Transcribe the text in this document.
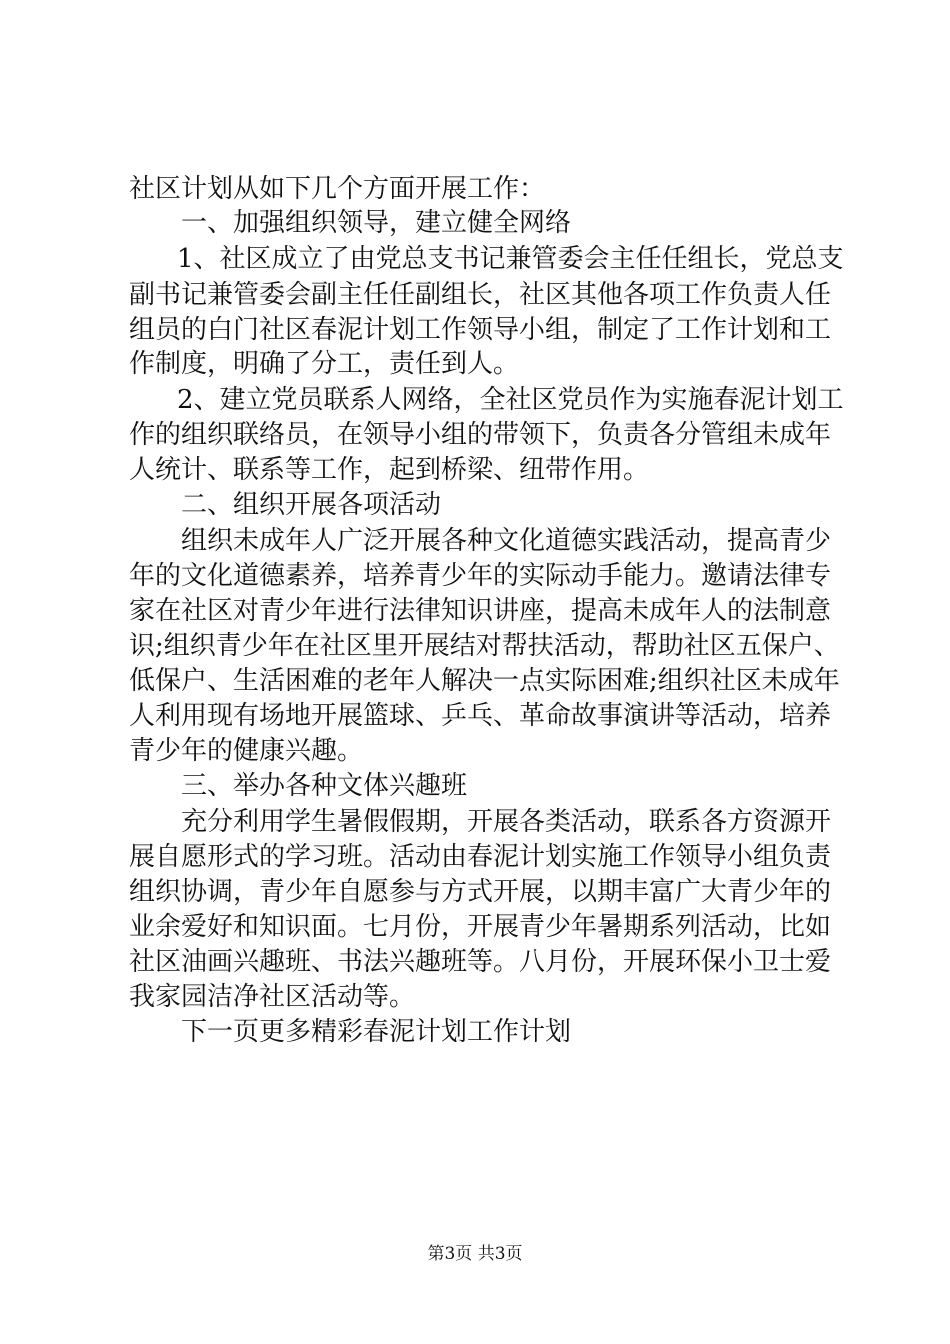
社区计划从如下几个方面开展工作：
一、加强组织领导，建立健全网络
1、社区成立了由党总支书记兼管委会主任任组长，党总支
副书记兼管委会副主任任副组长，社区其他各项工作负责人任
组员的白门社区春泥计划工作领导小组，制定了工作计划和工
作制度，明确了分工，责任到人。
2、建立党员联系人网络，全社区党员作为实施春泥计划工
作的组织联络员，在领导小组的带领下，负责各分管组未成年
人统计、联系等工作，起到桥梁、纽带作用。
二、组织开展各项活动
组织未成年人广泛开展各种文化道德实践活动，提高青少
年的文化道德素养，培养青少年的实际动手能力。邀请法律专
家在社区对青少年进行法律知识讲座，提高未成年人的法制意
识;组织青少年在社区里开展结对帮扶活动，帮助社区五保户、
低保户、生活困难的老年人解决一点实际困难;组织社区未成年
人利用现有场地开展篮球、乒乓、革命故事演讲等活动，培养
青少年的健康兴趣。
三、举办各种文体兴趣班
充分利用学生暑假假期，开展各类活动，联系各方资源开
展自愿形式的学习班。活动由春泥计划实施工作领导小组负责
组织协调，青少年自愿参与方式开展，以期丰富广大青少年的
业余爱好和知识面。七月份，开展青少年暑期系列活动，比如
社区油画兴趣班、书法兴趣班等。八月份，开展环保小卫士爱
我家园洁净社区活动等。
下一页更多精彩春泥计划工作计划
第3页 共3页
